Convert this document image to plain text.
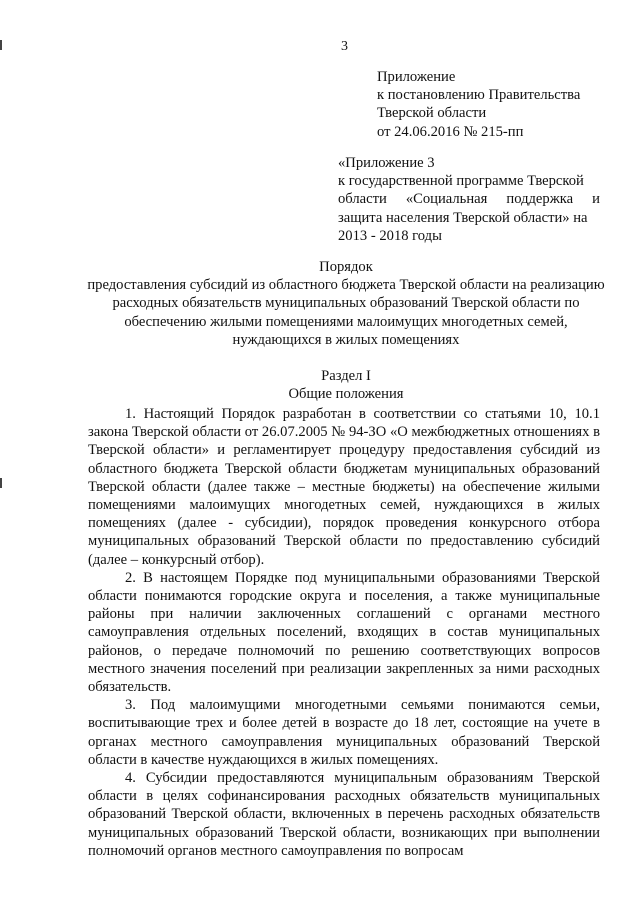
3
Приложение
к постановлению Правительства
Тверской области
от 24.06.2016 № 215-пп

«Приложение 3

к государственной программе Тверской

области «Социальная поддержка и

защита населения Тверской области» на

2013 - 2018 годы

Порядок
предоставления субсидий из областного бюджета Тверской области на реализацию расходных обязательств муниципальных образований Тверской области по обеспечению жилыми помещениями малоимущих многодетных семей, нуждающихся в жилых помещениях
Раздел I
Общие положения

1. Настоящий Порядок разработан в соответствии со статьями 10, 10.1 закона Тверской области от 26.07.2005 № 94-ЗО «О межбюджетных отношениях в Тверской области» и регламентирует процедуру предоставления субсидий из областного бюджета Тверской области бюджетам муниципальных образований Тверской области (далее также – местные бюджеты) на обеспечение жилыми помещениями малоимущих многодетных семей, нуждающихся в жилых помещениях (далее - субсидии), порядок проведения конкурсного отбора муниципальных образований Тверской области по предоставлению субсидий (далее – конкурсный отбор).

2. В настоящем Порядке под муниципальными образованиями Тверской области понимаются городские округа и поселения, а также муниципальные районы при наличии заключенных соглашений с органами местного самоуправления отдельных поселений, входящих в состав муниципальных районов, о передаче полномочий по решению соответствующих вопросов местного значения поселений при реализации закрепленных за ними расходных обязательств.

3. Под малоимущими многодетными семьями понимаются семьи, воспитывающие трех и более детей в возрасте до 18 лет, состоящие на учете в органах местного самоуправления муниципальных образований Тверской области в качестве нуждающихся в жилых помещениях.

4. Субсидии предоставляются муниципальным образованиям Тверской области в целях софинансирования расходных обязательств муниципальных образований Тверской области, включенных в перечень расходных обязательств муниципальных образований Тверской области, возникающих при выполнении полномочий органов местного самоуправления по вопросам
